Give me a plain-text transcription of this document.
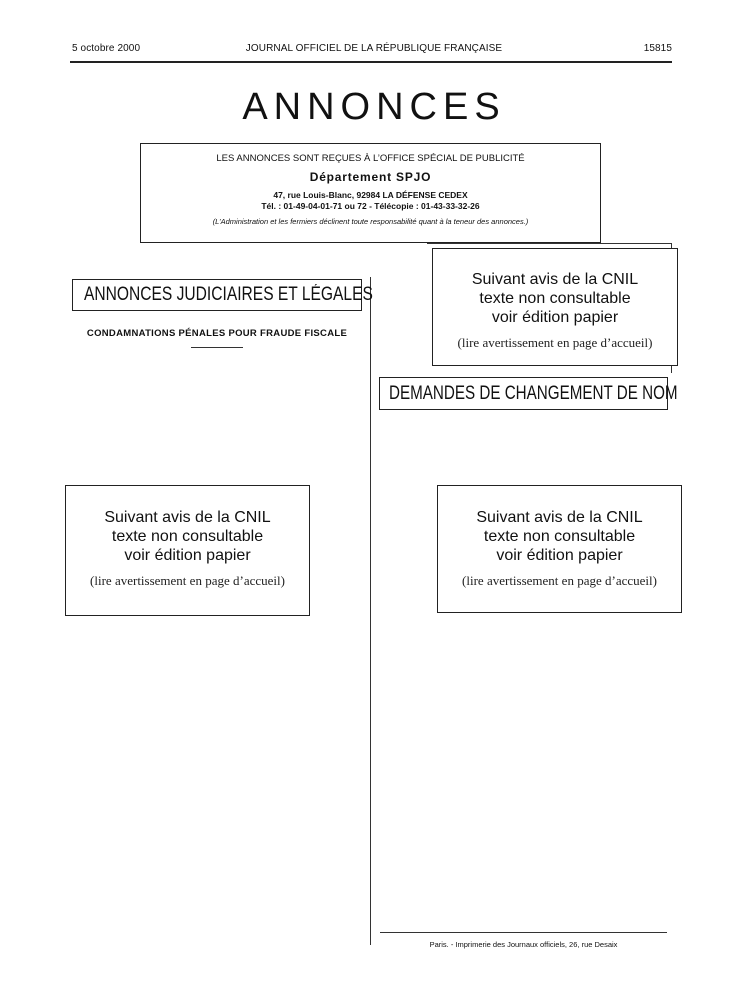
5 octobre 2000	JOURNAL OFFICIEL DE LA RÉPUBLIQUE FRANÇAISE	15815
ANNONCES
LES ANNONCES SONT REÇUES À L’OFFICE SPÉCIAL DE PUBLICITÉ
Département SPJO
47, rue Louis-Blanc, 92984 LA DÉFENSE CEDEX
Tél. : 01-49-04-01-71 ou 72 - Télécopie : 01-43-33-32-26
(L’Administration et les fermiers déclinent toute responsabilité quant à la teneur des annonces.)
Suivant avis de la CNIL
texte non consultable
voir édition papier
(lire avertissement en page d’accueil)
ANNONCES JUDICIAIRES ET LÉGALES
CONDAMNATIONS PÉNALES POUR FRAUDE FISCALE
DEMANDES DE CHANGEMENT DE NOM
Suivant avis de la CNIL
texte non consultable
voir édition papier
(lire avertissement en page d’accueil)
Suivant avis de la CNIL
texte non consultable
voir édition papier
(lire avertissement en page d’accueil)
Paris. - Imprimerie des Journaux officiels, 26, rue Desaix
